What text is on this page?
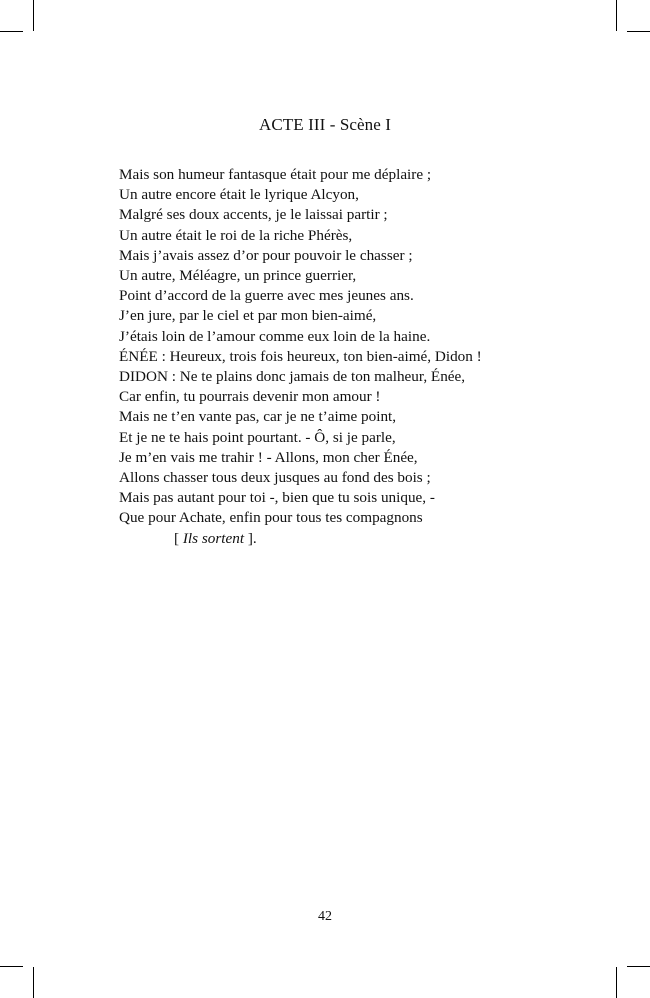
ACTE III - Scène I
Mais son humeur fantasque était pour me déplaire ;
Un autre encore était le lyrique Alcyon,
Malgré ses doux accents, je le laissai partir ;
Un autre était le roi de la riche Phérès,
Mais j’avais assez d’or pour pouvoir le chasser ;
Un autre, Méléagre, un prince guerrier,
Point d’accord de la guerre avec mes jeunes ans.
J’en jure, par le ciel et par mon bien-aimé,
J’étais loin de l’amour comme eux loin de la haine.
ÉNÉE : Heureux, trois fois heureux, ton bien-aimé, Didon !
DIDON : Ne te plains donc jamais de ton malheur, Énée,
Car enfin, tu pourrais devenir mon amour !
Mais ne t’en vante pas, car je ne t’aime point,
Et je ne te hais point pourtant. - Ô, si je parle,
Je m’en vais me trahir ! - Allons, mon cher Énée,
Allons chasser tous deux jusques au fond des bois ;
Mais pas autant pour toi -, bien que tu sois unique, -
Que pour Achate, enfin pour tous tes compagnons
[ Ils sortent ].
42
